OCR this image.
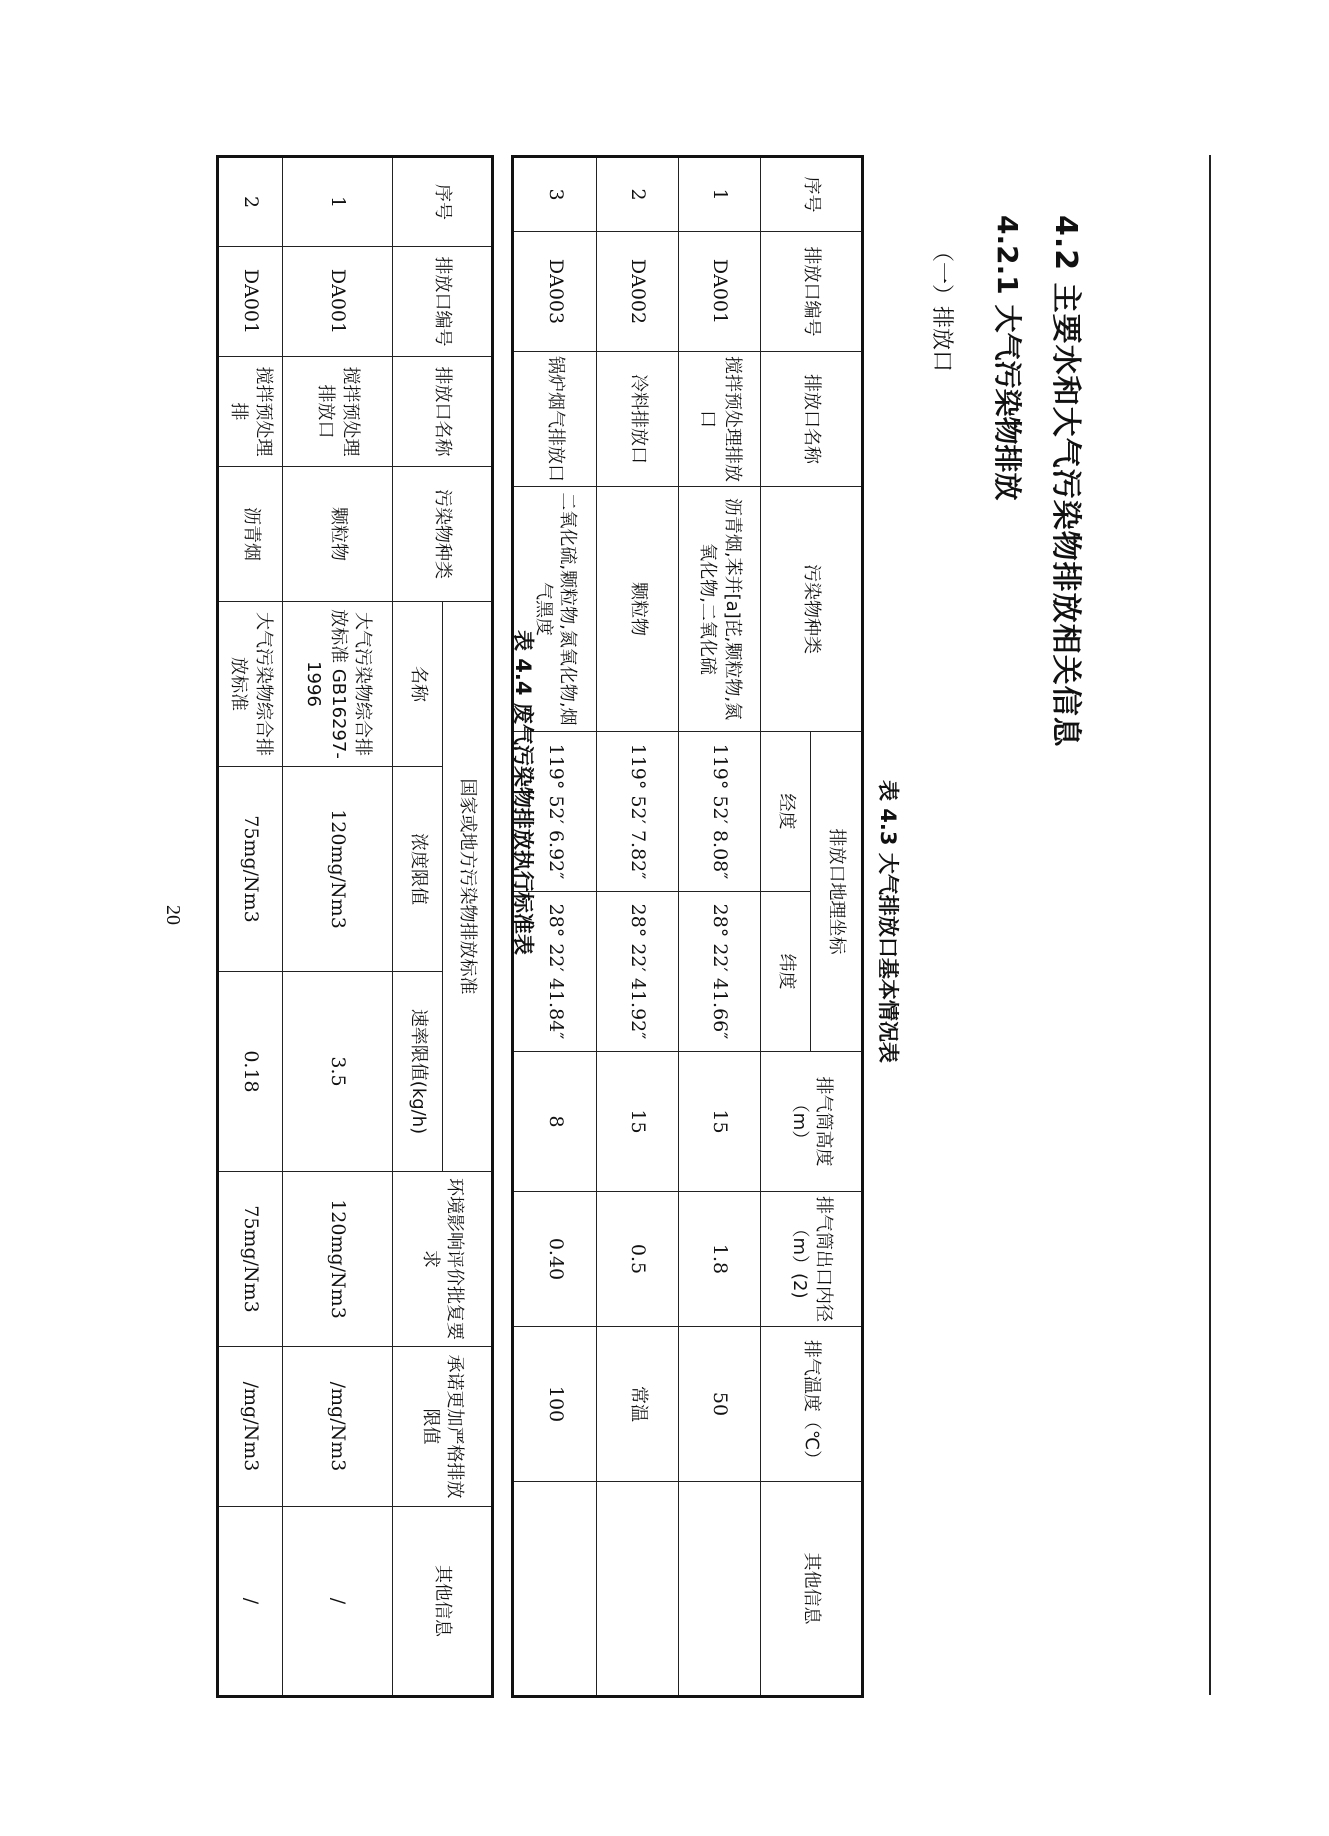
4.2 主要水和大气污染物排放相关信息
4.2.1 大气污染物排放
（一）排放口
表 4.3 大气排放口基本情况表
序号	排放口编号	排放口名称	污染物种类	排放口地理坐标		排气筒高度（m）	排气筒出口内径（m）(2)	排气温度（℃）	其他信息
				经度	纬度				
1	DA001	搅拌预处理排放口	沥青烟,苯并[a]芘,颗粒物,氮氧化物,二氧化硫	119° 52′ 8.08″	28° 22′ 41.66″	15	1.8	50	
2	DA002	冷料排放口	颗粒物	119° 52′ 7.82″	28° 22′ 41.92″	15	0.5	常温	
3	DA003	锅炉烟气排放口	二氧化硫,颗粒物,氮氧化物,烟气黑度	119° 52′ 6.92″	28° 22′ 41.84″	8	0.40	100	
表 4.4 废气污染物排放执行标准表
序号	排放口编号	排放口名称	污染物种类	国家或地方污染物排放标准			环境影响评价批复要求	承诺更加严格排放限值	其他信息
				名称	浓度限值	速率限值(kg/h)			
1	DA001	搅拌预处理排放口	颗粒物	大气污染物综合排放标准 GB16297-1996	120mg/Nm3	3.5	120mg/Nm3	/mg/Nm3	/
2	DA001	搅拌预处理排	沥青烟	大气污染物综合排放标准	75mg/Nm3	0.18	75mg/Nm3	/mg/Nm3	/
20
